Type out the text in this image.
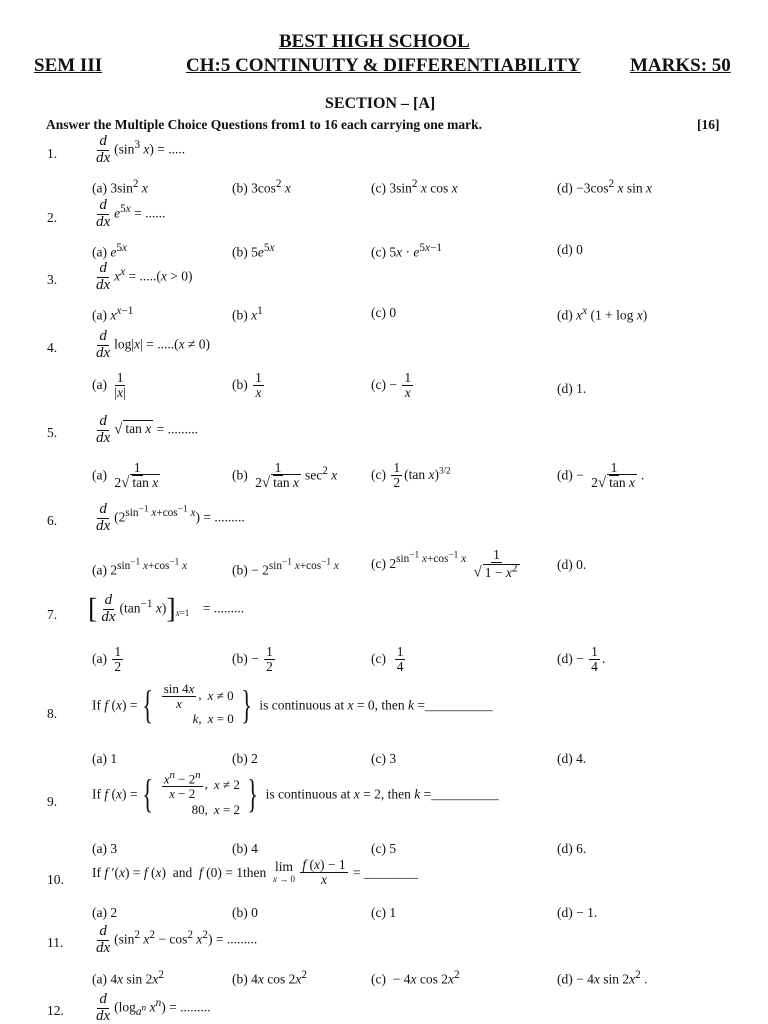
BEST HIGH SCHOOL
SEM III	CH:5 CONTINUITY & DIFFERENTIABILITY	MARKS: 50
SECTION – [A]
Answer the Multiple Choice Questions from1 to 16 each carrying one mark.	[16]
1. $\frac{d}{dx} (\sin^3$ x) = .....
(a) $3\sin^2$ x	(b) $3\cos^2$ x	(c) $3\sin^2$ x cos x	$(d) -3\cos^2$ x sin x
2. $\frac{d}{dx} e^{5x}$ = ......
(a) $e^{5x}$	(b) $5e^{5x}$	(c) $5x \cdot e^{5x-1}$	(d) 0
3. $\frac{d}{dx} x^x = .....(x > 0)$
(a) $x^{x-1}$	(b) $x^1$	(c) 0	(d) $x^x$ (1 + log x)
4. $\frac{d}{dx} \log|x| = .....(x \ne 0)$
$(a) \frac{1}{|x|}$	$(b) \frac{1}{x}$	$(c) - \frac{1}{x}$	(d) 1.
5. $\frac{d}{dx}$ √ tan x = .........
$(a) \frac{1}{\text{2√ tan x}}$	$(b) \frac{1}{\text{2√ tan x}} \sec^2 x$	$(c) \frac{1}{2} (\tan$ x)$^{3/2}$	$(d) - \frac{1}{\text{2√ tan x}}$ .
6. $\frac{d}{dx} (2^{sin^{-1} x+cos^{-1} x})$ = .........
(a) $2^{sin^{-1} x+cos^{-1} x}$	$(b) - 2^{sin^{-1} x+cos^{-1} x}$ (c) $2^{sin^{-1} x+cos^{-1} x} \frac{1}{√ 1 - x^2}$	(d) 0.
7. [ $\frac{d}{dx} (\tan^{-1}$ $x)]_{x=1}$    = .........
$(a) \frac{1}{2}$	$(b) - \frac{1}{2}$	$(c) \frac{1}{4}$	$(d) - \frac{1}{4}$ .
8.
If f (x) = { $\frac{\sin 4x}{x}$ ,	x ≠ 0
k,	x = 0 } is continuous at x = 0, then k =__________
(a) 1	(b) 2	(c) 3	(d) 4.
9.	If f (x) = { $\frac{x^n - 2^n}{x - 2}$ ,	x ≠ 2
80,	x = 2 } is continuous at x = 2, then k =__________
(a) 3	(b) 4	(c) 5	(d) 6.
10. If f ′(x) = f (x)  and  f (0) = 1then lim
x → 0
$\frac{f (x) - 1}{x}$ = ________
(a) 2	(b) 0	(c) 1	(d) − 1.
11. $\frac{d}{dx} (\sin^2$ $x^2 - \cos^2 x^2$) = .........
(a) 4x $\sin 2x^2$	(b) 4x $\cos 2x^2$	(c)  − 4x $\cos 2x^2$	(d) − 4x $\sin 2x^2$ .
12. $\frac{d}{dx} (\log_{a^n}$ $x^n$) = .........
